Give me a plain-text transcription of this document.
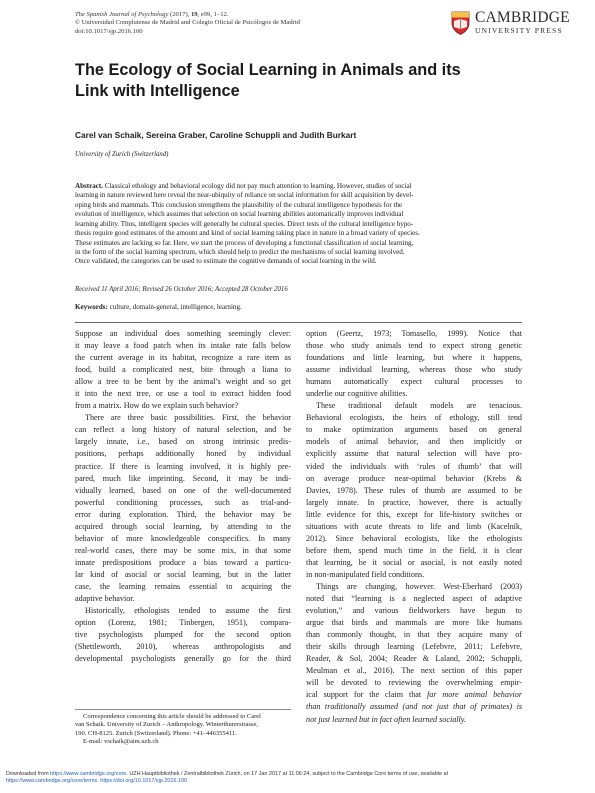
The Spanish Journal of Psychology (2017), 19, e99, 1–12.
© Universidad Complutense de Madrid and Colegio Oficial de Psicólogos de Madrid
doi:10.1017/sjp.2016.100
CAMBRIDGE
UNIVERSITY PRESS
The Ecology of Social Learning in Animals and its Link with Intelligence
Carel van Schaik, Sereina Graber, Caroline Schuppli and Judith Burkart
University of Zurich (Switzerland)
Abstract. Classical ethology and behavioral ecology did not pay much attention to learning. However, studies of social
learning in nature reviewed here reveal the near-ubiquity of reliance on social information for skill acquisition by devel-
oping birds and mammals. This conclusion strengthens the plausibility of the cultural intelligence hypothesis for the
evolution of intelligence, which assumes that selection on social learning abilities automatically improves individual
learning ability. Thus, intelligent species will generally be cultural species. Direct tests of the cultural intelligence hypo-
thesis require good estimates of the amount and kind of social learning taking place in nature in a broad variety of species.
These estimates are lacking so far. Here, we start the process of developing a functional classification of social learning,
in the form of the social learning spectrum, which should help to predict the mechanisms of social learning involved.
Once validated, the categories can be used to estimate the cognitive demands of social learning in the wild.
Received 11 April 2016; Revised 26 October 2016; Accepted 28 October 2016
Keywords: culture, domain-general, intelligence, learning.
Suppose an individual does something seemingly clever:
it may leave a food patch when its intake rate falls below
the current average in its habitat, recognize a rare item as
food, build a complicated nest, bite through a liana to
allow a tree to be bent by the animal’s weight and so get
it into the next tree, or use a tool to extract hidden food
from a matrix. How do we explain such behavior?
There are three basic possibilities. First, the behavior
can reflect a long history of natural selection, and be
largely innate, i.e., based on strong intrinsic predis-
positions, perhaps additionally honed by individual
practice. If there is learning involved, it is highly pre-
pared, much like imprinting. Second, it may be indi-
vidually learned, based on one of the well-documented
powerful conditioning processes, such as trial-and-
error during exploration. Third, the behavior may be
acquired through social learning, by attending to the
behavior of more knowledgeable conspecifics. In many
real-world cases, there may be some mix, in that some
innate predispositions produce a bias toward a particu-
lar kind of asocial or social learning, but in the latter
case, the learning remains essential to acquiring the
adaptive behavior.
Historically, ethologists tended to assume the first
option (Lorenz, 1981; Tinbergen, 1951), compara-
tive psychologists plumped for the second option
(Shettleworth, 2010), whereas anthropologists and
developmental psychologists generally go for the third
option (Geertz, 1973; Tomasello, 1999). Notice that
those who study animals tend to expect strong genetic
foundations and little learning, but where it happens,
assume individual learning, whereas those who study
humans automatically expect cultural processes to
underlie our cognitive abilities.
These traditional default models are tenacious.
Behavioral ecologists, the heirs of ethology, still tend
to make optimization arguments based on general
models of animal behavior, and then implicitly or
explicitly assume that natural selection will have pro-
vided the individuals with ‘rules of thumb’ that will
on average produce near-optimal behavior (Krebs &
Davies, 1978). These rules of thumb are assumed to be
largely innate. In practice, however, there is actually
little evidence for this, except for life-history switches or
situations with acute threats to life and limb (Kacelnik,
2012). Since behavioral ecologists, like the ethologists
before them, spend much time in the field, it is clear
that learning, be it social or asocial, is not easily noted
in non-manipulated field conditions.
Things are changing, however. West-Eberhard (2003)
noted that “learning is a neglected aspect of adaptive
evolution,” and various fieldworkers have begun to
argue that birds and mammals are more like humans
than commonly thought, in that they acquire many of
their skills through learning (Lefebvre, 2011; Lefebvre,
Reader, & Sol, 2004; Reader & Laland, 2002; Schuppli,
Meulman et al., 2016). The next section of this paper
will be devoted to reviewing the overwhelming empir-
ical support for the claim that far more animal behavior
than traditionally assumed (and not just that of primates) is
not just learned but in fact often learned socially.
Correspondence concerning this article should be addressed to Carel
van Schaik. University of Zurich – Anthropology. Winterthurerstrasse,
190. CH-8125. Zurich (Switzerland). Phone: +41–446355411.
E-mail: vschaik@aim.uzh.ch
Downloaded from https://www.cambridge.org/core. UZH Hauptbibliothek / Zentralbibliothek Zürich, on 17 Jan 2017 at 11:06:24, subject to the Cambridge Core terms of use, available at
https://www.cambridge.org/core/terms. https://doi.org/10.1017/sjp.2016.100
